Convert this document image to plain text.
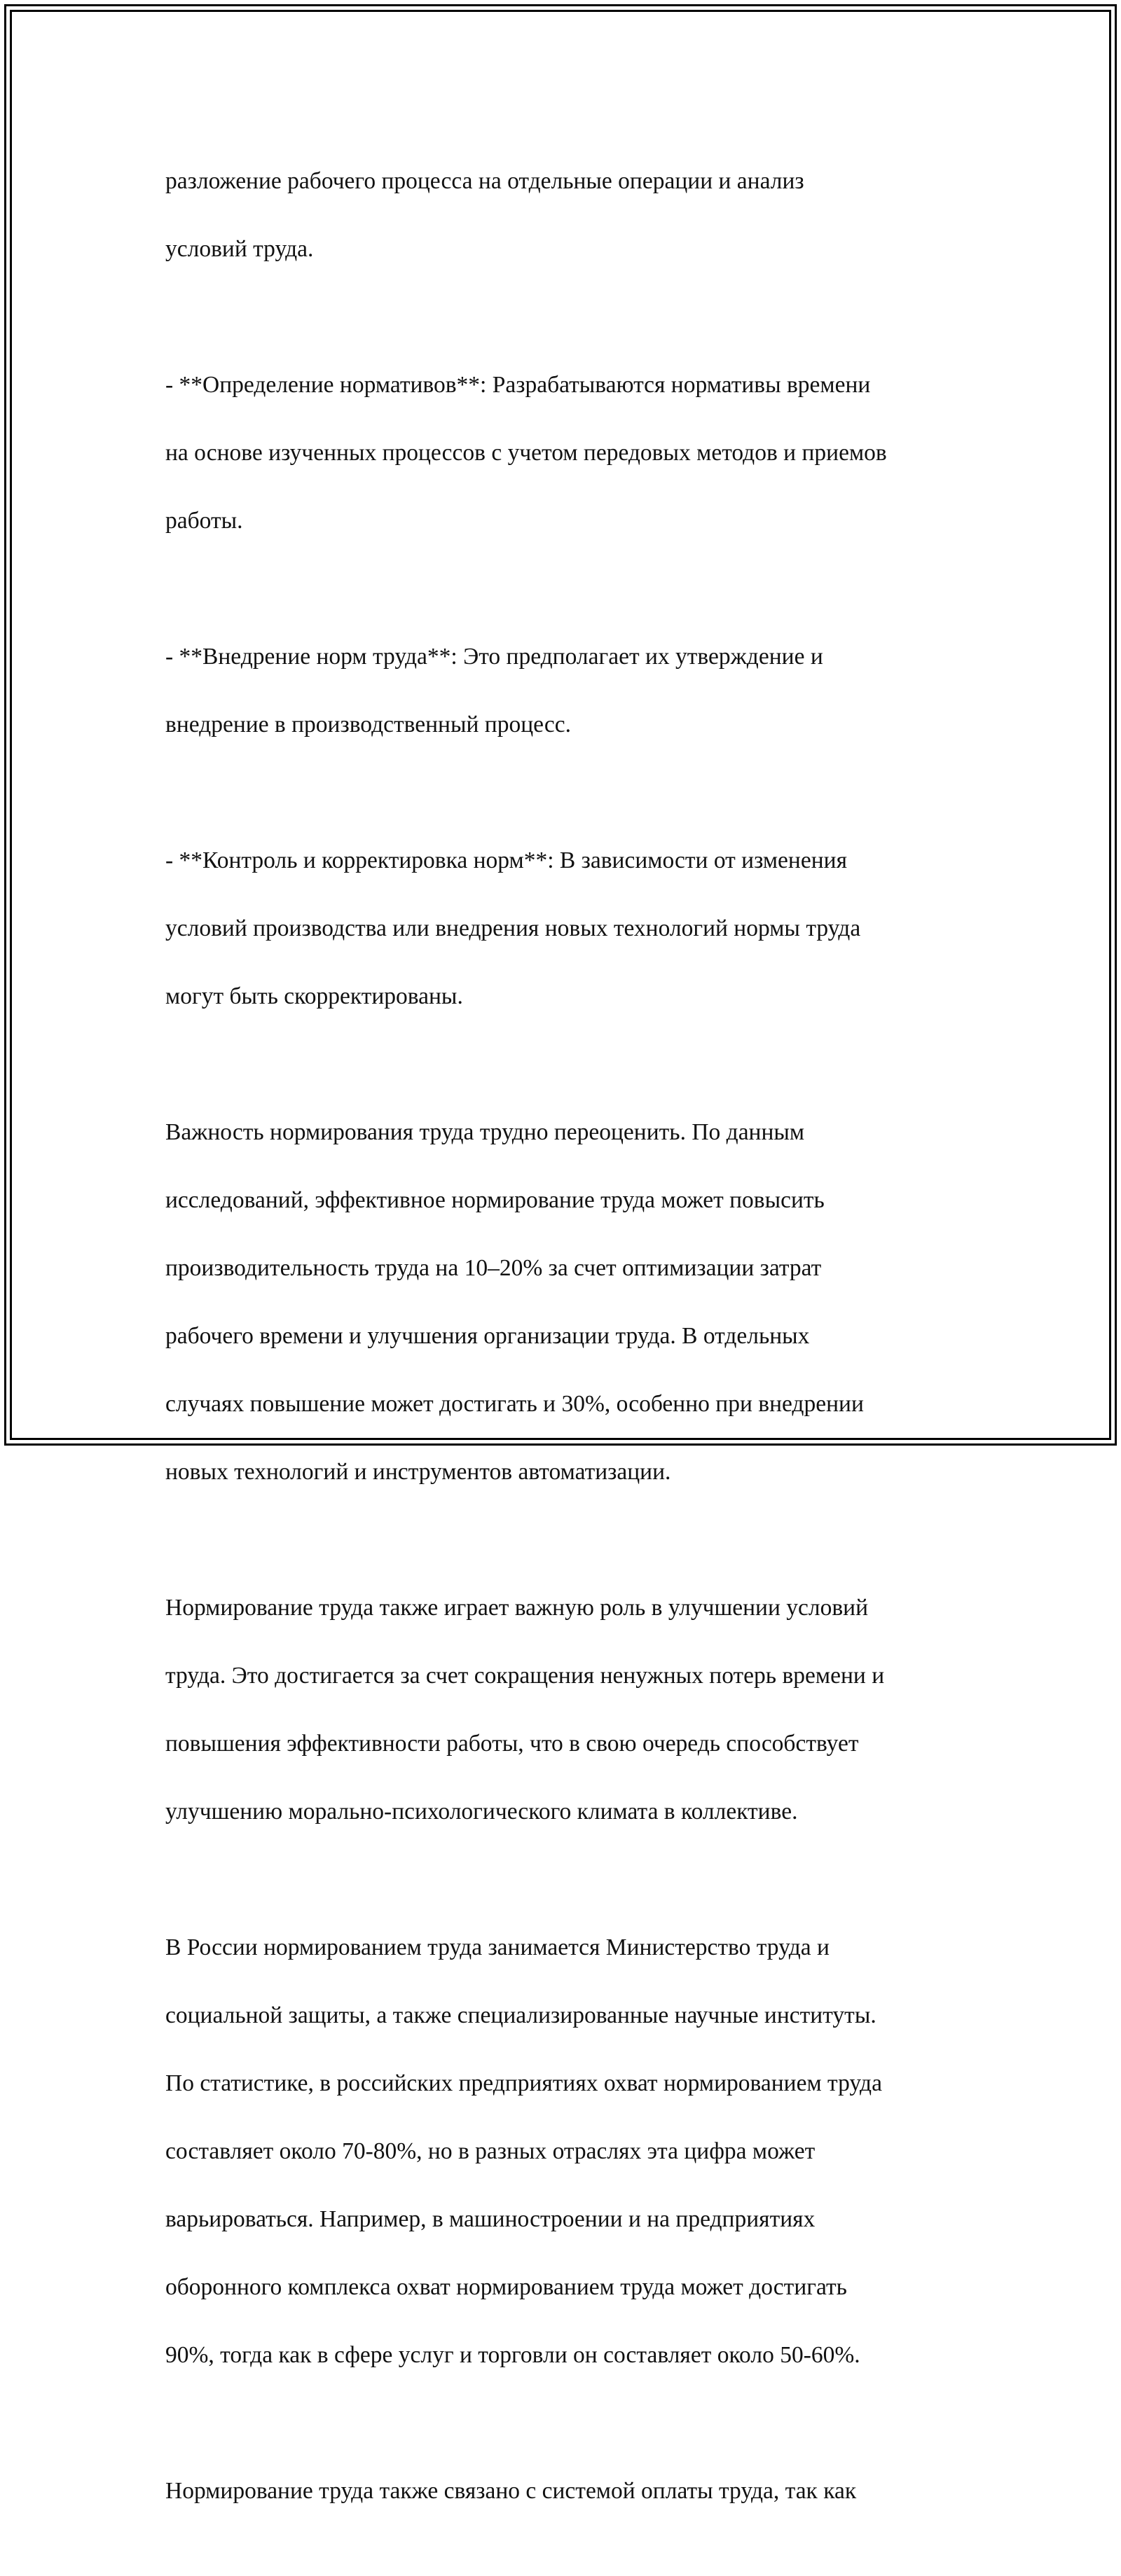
разложение рабочего процесса на отдельные операции и анализ

условий труда.

- **Определение нормативов**: Разрабатываются нормативы времени

на основе изученных процессов с учетом передовых методов и приемов

работы.

- **Внедрение норм труда**: Это предполагает их утверждение и

внедрение в производственный процесс.

- **Контроль и корректировка норм**: В зависимости от изменения

условий производства или внедрения новых технологий нормы труда

могут быть скорректированы.

Важность нормирования труда трудно переоценить. По данным

исследований, эффективное нормирование труда может повысить

производительность труда на 10–20% за счет оптимизации затрат

рабочего времени и улучшения организации труда. В отдельных

случаях повышение может достигать и 30%, особенно при внедрении

новых технологий и инструментов автоматизации.

Нормирование труда также играет важную роль в улучшении условий

труда. Это достигается за счет сокращения ненужных потерь времени и

повышения эффективности работы, что в свою очередь способствует

улучшению морально-психологического климата в коллективе.

В России нормированием труда занимается Министерство труда и

социальной защиты, а также специализированные научные институты.

По статистике, в российских предприятиях охват нормированием труда

составляет около 70-80%, но в разных отраслях эта цифра может

варьироваться. Например, в машиностроении и на предприятиях

оборонного комплекса охват нормированием труда может достигать

90%, тогда как в сфере услуг и торговли он составляет около 50-60%.

Нормирование труда также связано с системой оплаты труда, так как
